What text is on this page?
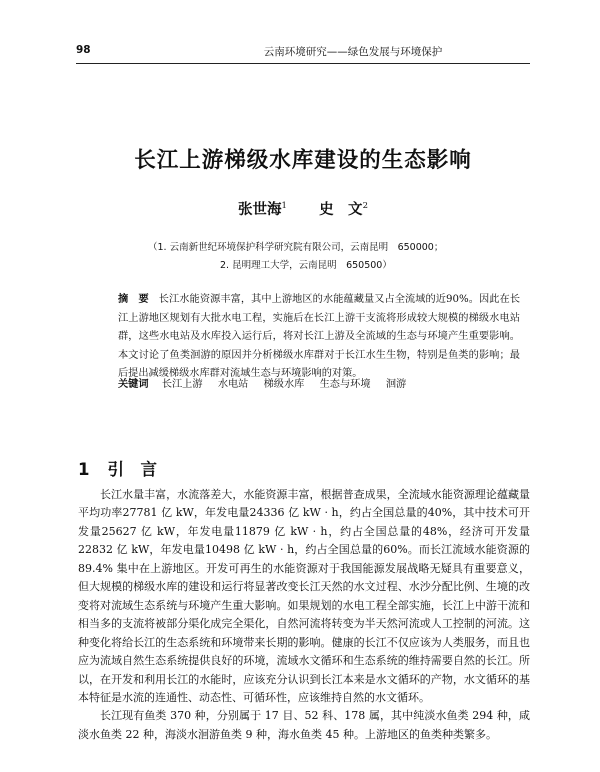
98	云南环境研究——绿色发展与环境保护
长江上游梯级水库建设的生态影响
张世海$^1$ 史　文$^2$
（1. 云南新世纪环境保护科学研究院有限公司，云南昆明　650000；
2. 昆明理工大学，云南昆明　650500）
摘　要 长江水能资源丰富，其中上游地区的水能蕴藏量又占全流域的近90%。因此在长江上游地区规划有大批水电工程，实施后在长江上游干支流将形成较大规模的梯级水电站群，这些水电站及水库投入运行后，将对长江上游及全流域的生态与环境产生重要影响。本文讨论了鱼类洄游的原因并分析梯级水库群对于长江水生生物，特别是鱼类的影响；最后提出减缓梯级水库群对流域生态与环境影响的对策。
关键词 长江上游 水电站 梯级水库 生态与环境 洄游
1 引　言

长江水量丰富，水流落差大，水能资源丰富，根据普查成果，全流域水能资源理论蕴藏量平均功率27781 亿 kW，年发电量24336 亿 kW · h，约占全国总量的40%，其中技术可开发量25627 亿 kW，年发电量11879 亿 kW · h，约占全国总量的48%，经济可开发量22832 亿 kW，年发电量10498 亿 kW · h，约占全国总量的60%。而长江流域水能资源的 89.4% 集中在上游地区。开发可再生的水能资源对于我国能源发展战略无疑具有重要意义，但大规模的梯级水库的建设和运行将显著改变长江天然的水文过程、水沙分配比例、生境的改变将对流域生态系统与环境产生重大影响。如果规划的水电工程全部实施，长江上中游干流和相当多的支流将被部分渠化成完全渠化，自然河流将转变为半天然河流或人工控制的河流。这种变化将给长江的生态系统和环境带来长期的影响。健康的长江不仅应该为人类服务，而且也应为流域自然生态系统提供良好的环境，流域水文循环和生态系统的维持需要自然的长江。所以，在开发和利用长江的水能时，应该充分认识到长江本来是水文循环的产物，水文循环的基本特征是水流的连通性、动态性、可循环性，应该维持自然的水文循环。

长江现有鱼类 370 种，分别属于 17 目、52 科、178 属，其中纯淡水鱼类 294 种，咸淡水鱼类 22 种，海淡水洄游鱼类 9 种，海水鱼类 45 种。上游地区的鱼类种类繁多。
